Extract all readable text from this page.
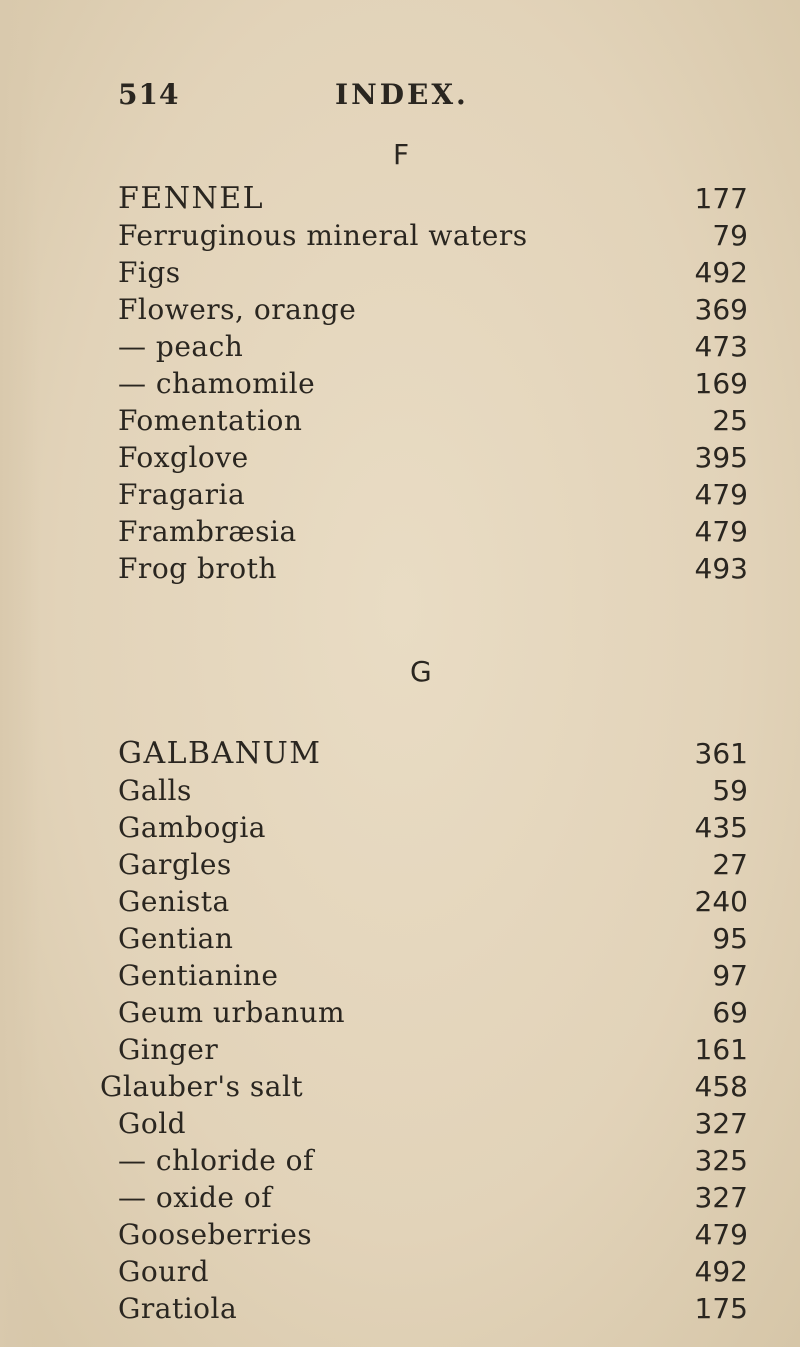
514	INDEX.
F
G
FENNEL	177
Ferruginous mineral waters	79
Figs	492
Flowers, orange	369
— peach	473
— chamomile	169
Fomentation	25
Foxglove	395
Fragaria	479
Frambræsia	479
Frog broth	493
GALBANUM	361
Galls	59
Gambogia	435
Gargles	27
Genista	240
Gentian	95
Gentianine	97
Geum urbanum	69
Ginger	161
Glauber's salt	458
Gold	327
— chloride of	325
— oxide of	327
Gooseberries	479
Gourd	492
Gratiola	175
